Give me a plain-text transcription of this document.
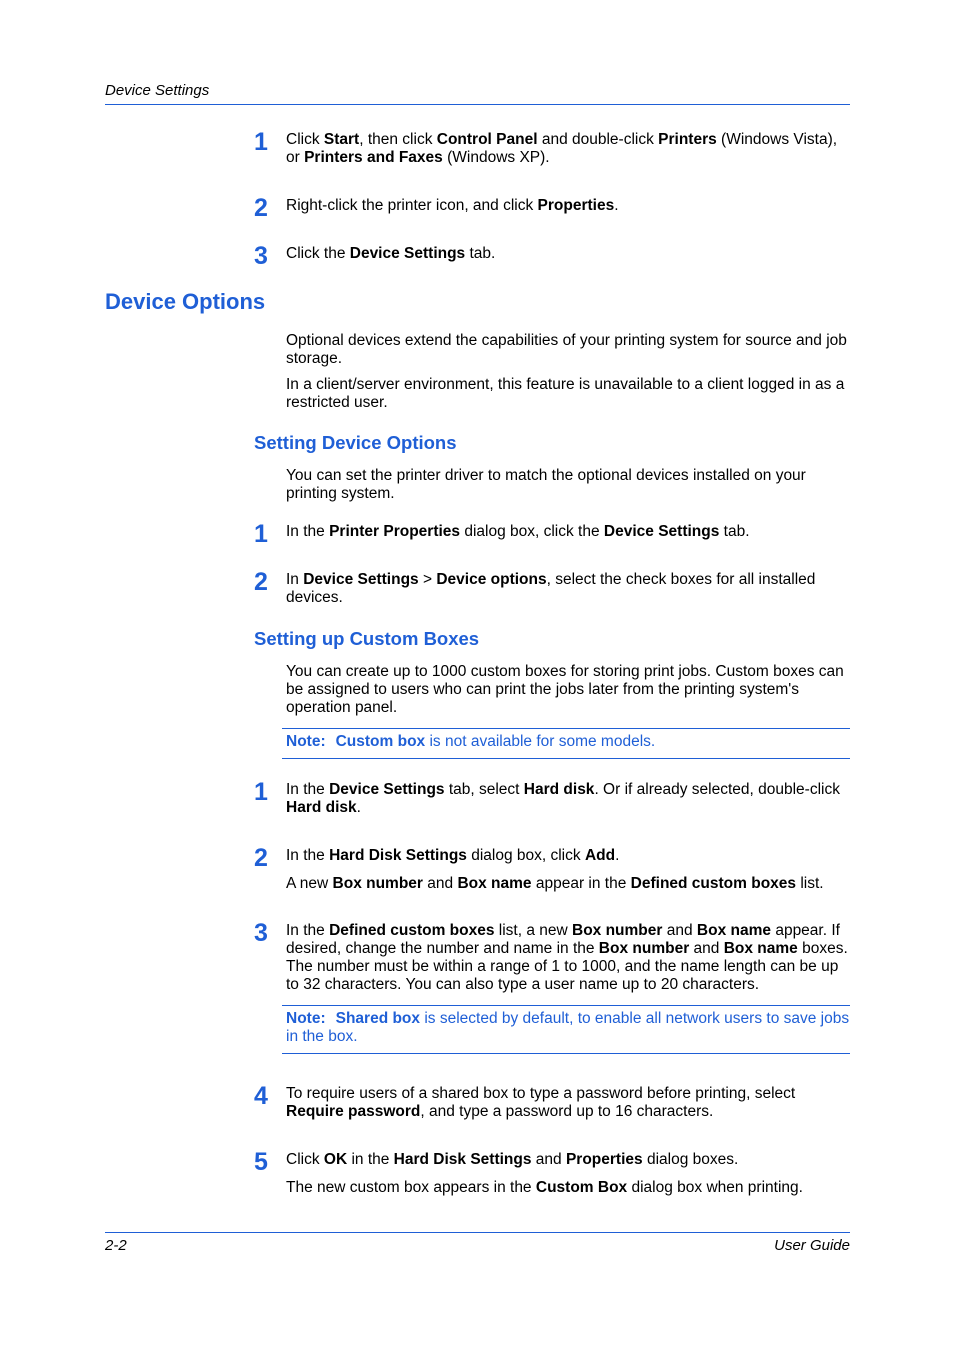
Device Settings
1 Click Start, then click Control Panel and double-click Printers (Windows Vista), or Printers and Faxes (Windows XP).
2 Right-click the printer icon, and click Properties.
3 Click the Device Settings tab.
Device Options
Optional devices extend the capabilities of your printing system for source and job storage.
In a client/server environment, this feature is unavailable to a client logged in as a restricted user.
Setting Device Options
You can set the printer driver to match the optional devices installed on your printing system.
1 In the Printer Properties dialog box, click the Device Settings tab.
2 In Device Settings > Device options, select the check boxes for all installed devices.
Setting up Custom Boxes
You can create up to 1000 custom boxes for storing print jobs. Custom boxes can be assigned to users who can print the jobs later from the printing system's operation panel.
Note: Custom box is not available for some models.
1 In the Device Settings tab, select Hard disk. Or if already selected, double-click Hard disk.
2 In the Hard Disk Settings dialog box, click Add.
A new Box number and Box name appear in the Defined custom boxes list.
3 In the Defined custom boxes list, a new Box number and Box name appear. If desired, change the number and name in the Box number and Box name boxes. The number must be within a range of 1 to 1000, and the name length can be up to 32 characters. You can also type a user name up to 20 characters.
Note: Shared box is selected by default, to enable all network users to save jobs in the box.
4 To require users of a shared box to type a password before printing, select Require password, and type a password up to 16 characters.
5 Click OK in the Hard Disk Settings and Properties dialog boxes.
The new custom box appears in the Custom Box dialog box when printing.
2-2	User Guide
